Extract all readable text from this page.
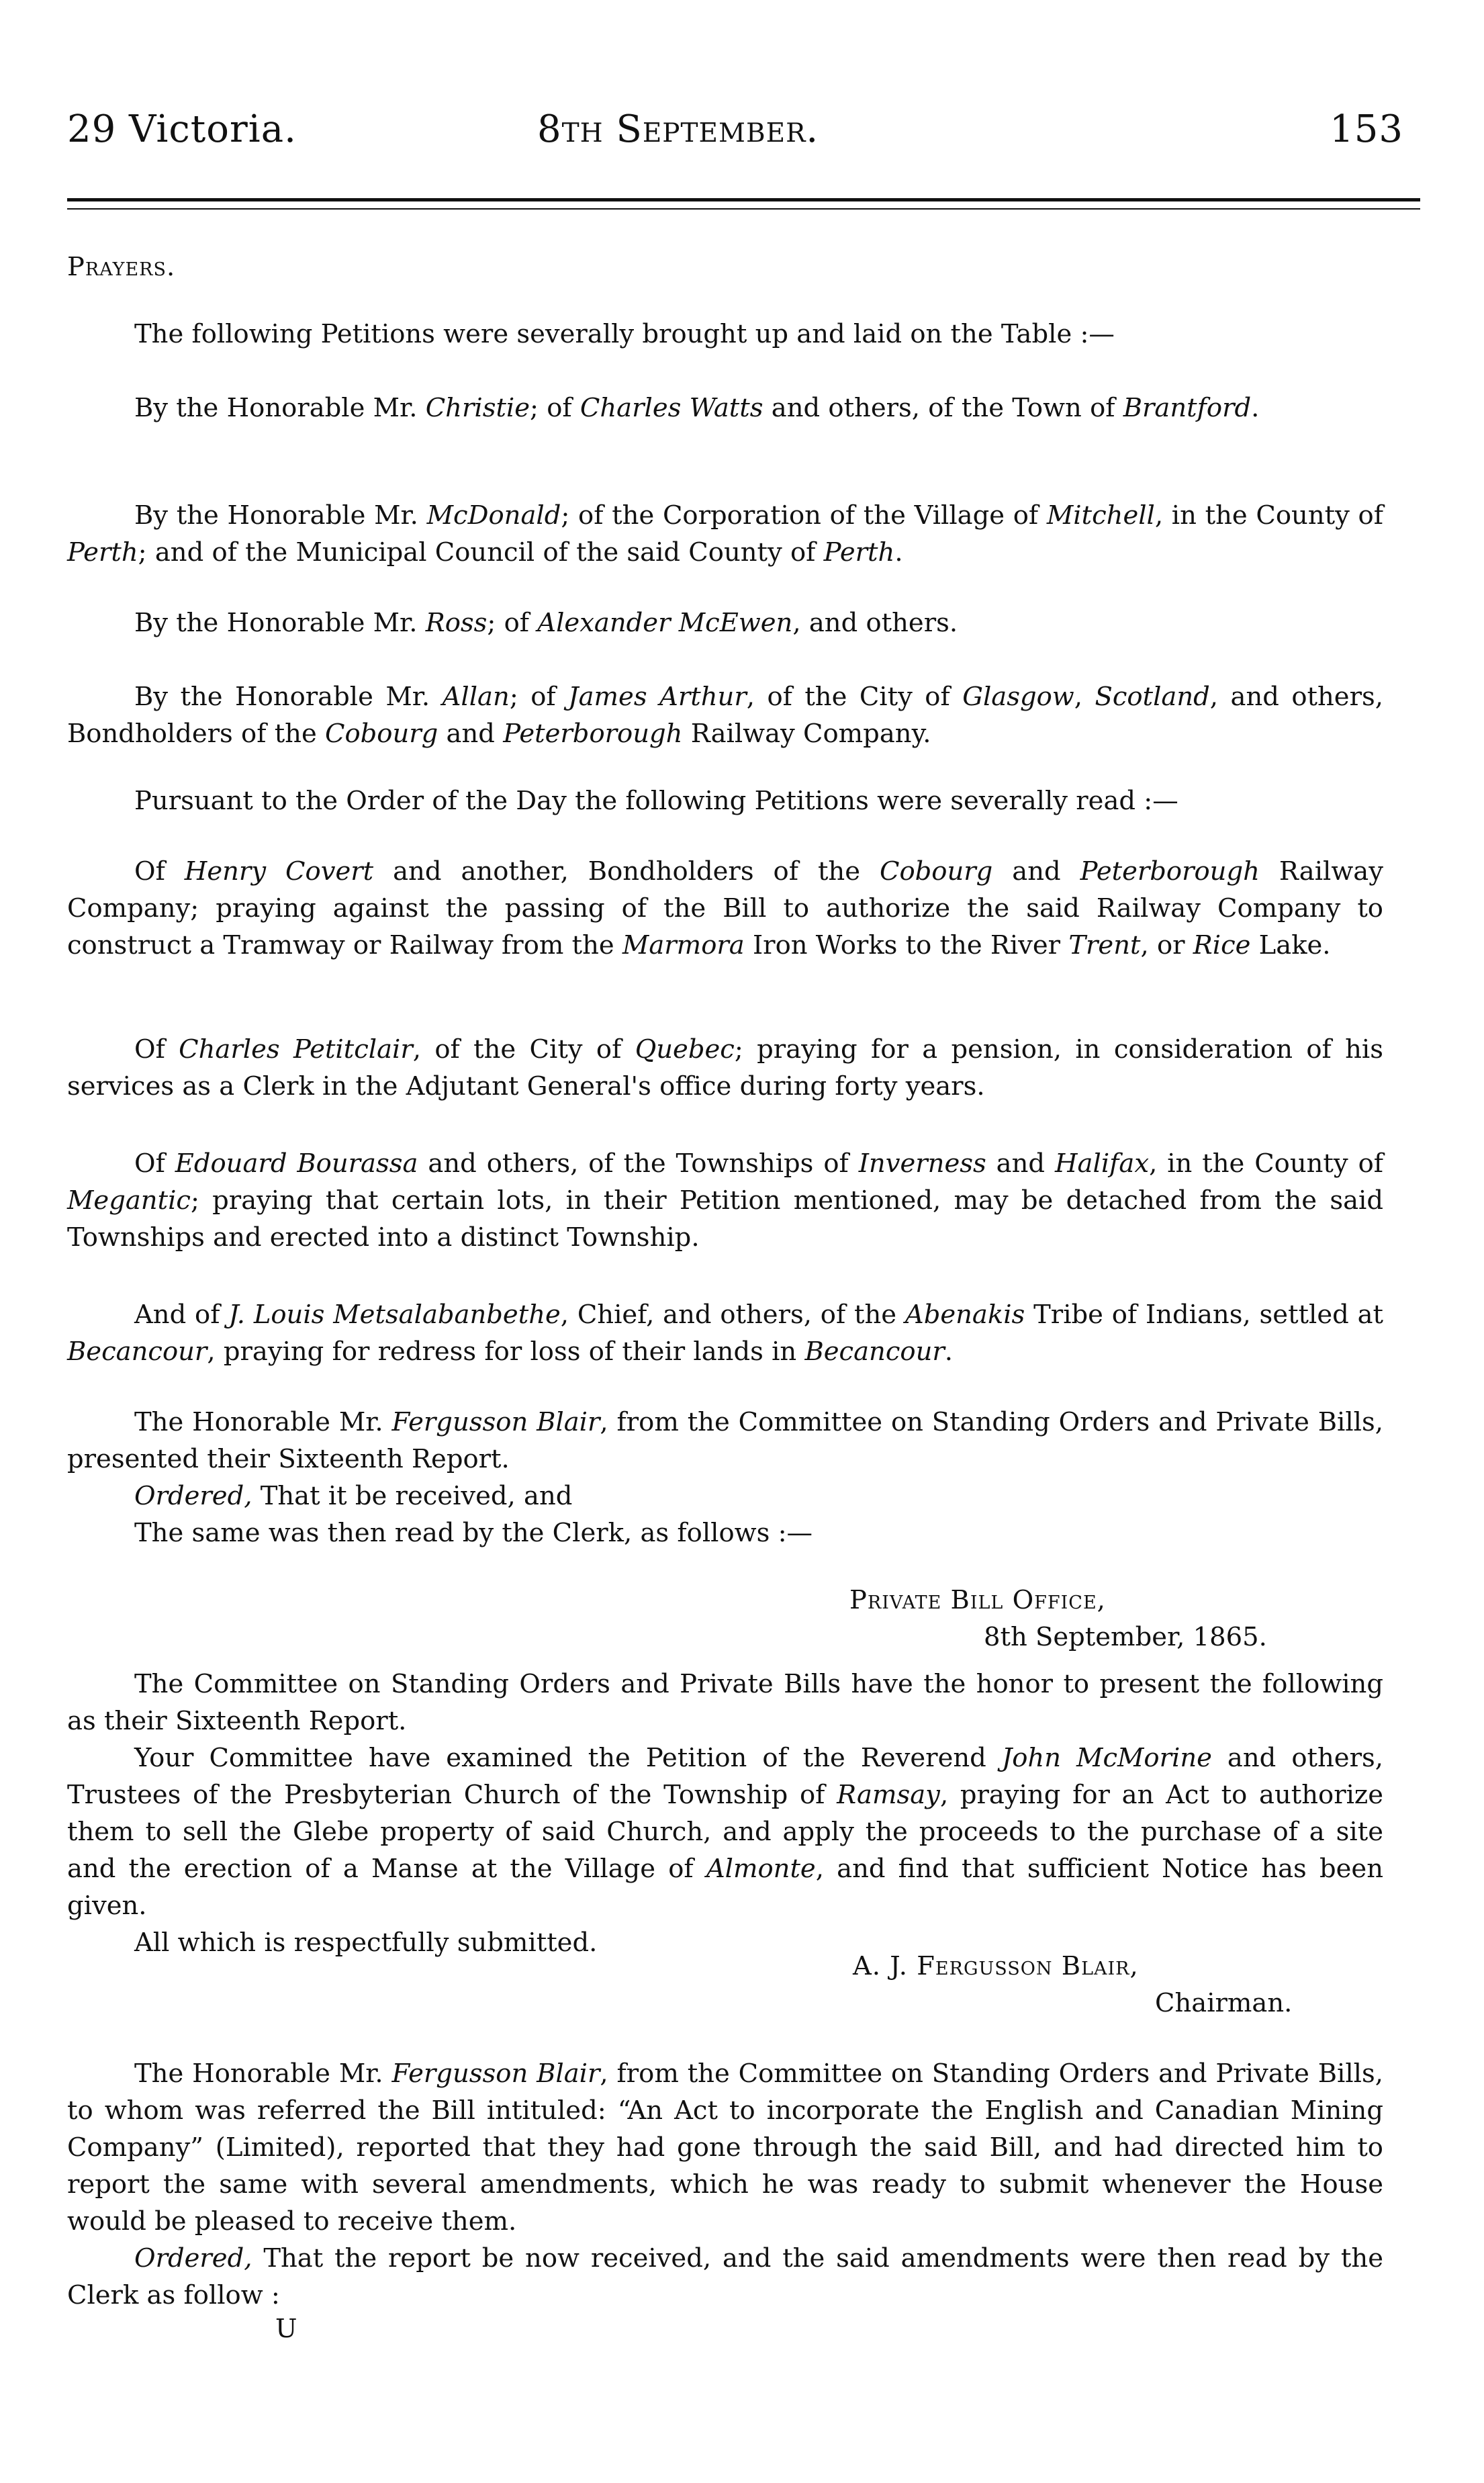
29 Victoria.	8th September.	153
Prayers.
The following Petitions were severally brought up and laid on the Table :—
By the Honorable Mr. Christie; of Charles Watts and others, of the Town of Brantford.
By the Honorable Mr. McDonald; of the Corporation of the Village of Mitchell, in the County of Perth; and of the Municipal Council of the said County of Perth.
By the Honorable Mr. Ross; of Alexander McEwen, and others.
By the Honorable Mr. Allan; of James Arthur, of the City of Glasgow, Scotland, and others, Bondholders of the Cobourg and Peterborough Railway Company.
Pursuant to the Order of the Day the following Petitions were severally read :—
Of Henry Covert and another, Bondholders of the Cobourg and Peterborough Railway Company; praying against the passing of the Bill to authorize the said Railway Company to construct a Tramway or Railway from the Marmora Iron Works to the River Trent, or Rice Lake.
Of Charles Petitclair, of the City of Quebec; praying for a pension, in consideration of his services as a Clerk in the Adjutant General's office during forty years.
Of Edouard Bourassa and others, of the Townships of Inverness and Halifax, in the County of Megantic; praying that certain lots, in their Petition mentioned, may be detached from the said Townships and erected into a distinct Township.
And of J. Louis Metsalabanbethe, Chief, and others, of the Abenakis Tribe of Indians, settled at Becancour, praying for redress for loss of their lands in Becancour.
The Honorable Mr. Fergusson Blair, from the Committee on Standing Orders and Private Bills, presented their Sixteenth Report.
Ordered, That it be received, and
The same was then read by the Clerk, as follows :—
Private Bill Office,
8th September, 1865.
The Committee on Standing Orders and Private Bills have the honor to present the following as their Sixteenth Report.
Your Committee have examined the Petition of the Reverend John McMorine and others, Trustees of the Presbyterian Church of the Township of Ramsay, praying for an Act to authorize them to sell the Glebe property of said Church, and apply the proceeds to the purchase of a site and the erection of a Manse at the Village of Almonte, and find that sufficient Notice has been given.
All which is respectfully submitted.
A. J. Fergusson Blair,
Chairman.
The Honorable Mr. Fergusson Blair, from the Committee on Standing Orders and Private Bills, to whom was referred the Bill intituled: “An Act to incorporate the English and Canadian Mining Company” (Limited), reported that they had gone through the said Bill, and had directed him to report the same with several amendments, which he was ready to submit whenever the House would be pleased to receive them.
Ordered, That the report be now received, and the said amendments were then read by the Clerk as follow :
U
